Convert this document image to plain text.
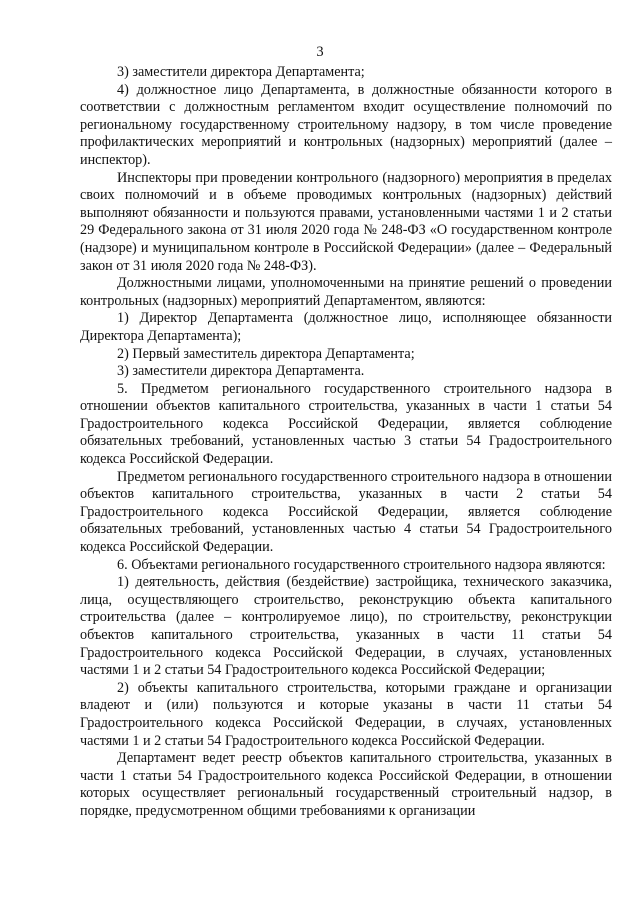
3

3) заместители директора Департамента;

4) должностное лицо Департамента, в должностные обязанности которого в соответствии с должностным регламентом входит осуществление полномочий по региональному государственному строительному надзору, в том числе проведение профилактических мероприятий и контрольных (надзорных) мероприятий (далее – инспектор).

Инспекторы при проведении контрольного (надзорного) мероприятия в пределах своих полномочий и в объеме проводимых контрольных (надзорных) действий выполняют обязанности и пользуются правами, установленными частями 1 и 2 статьи 29 Федерального закона от 31 июля 2020 года № 248-ФЗ «О государственном контроле (надзоре) и муниципальном контроле в Российской Федерации» (далее – Федеральный закон от 31 июля 2020 года № 248-ФЗ).

Должностными лицами, уполномоченными на принятие решений о проведении контрольных (надзорных) мероприятий Департаментом, являются:

1) Директор Департамента (должностное лицо, исполняющее обязанности Директора Департамента);

2) Первый заместитель директора Департамента;

3) заместители директора Департамента.

5. Предметом регионального государственного строительного надзора в отношении объектов капитального строительства, указанных в части 1 статьи 54 Градостроительного кодекса Российской Федерации, является соблюдение обязательных требований, установленных частью 3 статьи 54 Градостроительного кодекса Российской Федерации.

Предметом регионального государственного строительного надзора в отношении объектов капитального строительства, указанных в части 2 статьи 54 Градостроительного кодекса Российской Федерации, является соблюдение обязательных требований, установленных частью 4 статьи 54 Градостроительного кодекса Российской Федерации.

6. Объектами регионального государственного строительного надзора являются:

1) деятельность, действия (бездействие) застройщика, технического заказчика, лица, осуществляющего строительство, реконструкцию объекта капитального строительства (далее – контролируемое лицо), по строительству, реконструкции объектов капитального строительства, указанных в части 11 статьи 54 Градостроительного кодекса Российской Федерации, в случаях, установленных частями 1 и 2 статьи 54 Градостроительного кодекса Российской Федерации;

2) объекты капитального строительства, которыми граждане и организации владеют и (или) пользуются и которые указаны в части 11 статьи 54 Градостроительного кодекса Российской Федерации, в случаях, установленных частями 1 и 2 статьи 54 Градостроительного кодекса Российской Федерации.

Департамент ведет реестр объектов капитального строительства, указанных в части 1 статьи 54 Градостроительного кодекса Российской Федерации, в отношении которых осуществляет региональный государственный строительный надзор, в порядке, предусмотренном общими требованиями к организации
